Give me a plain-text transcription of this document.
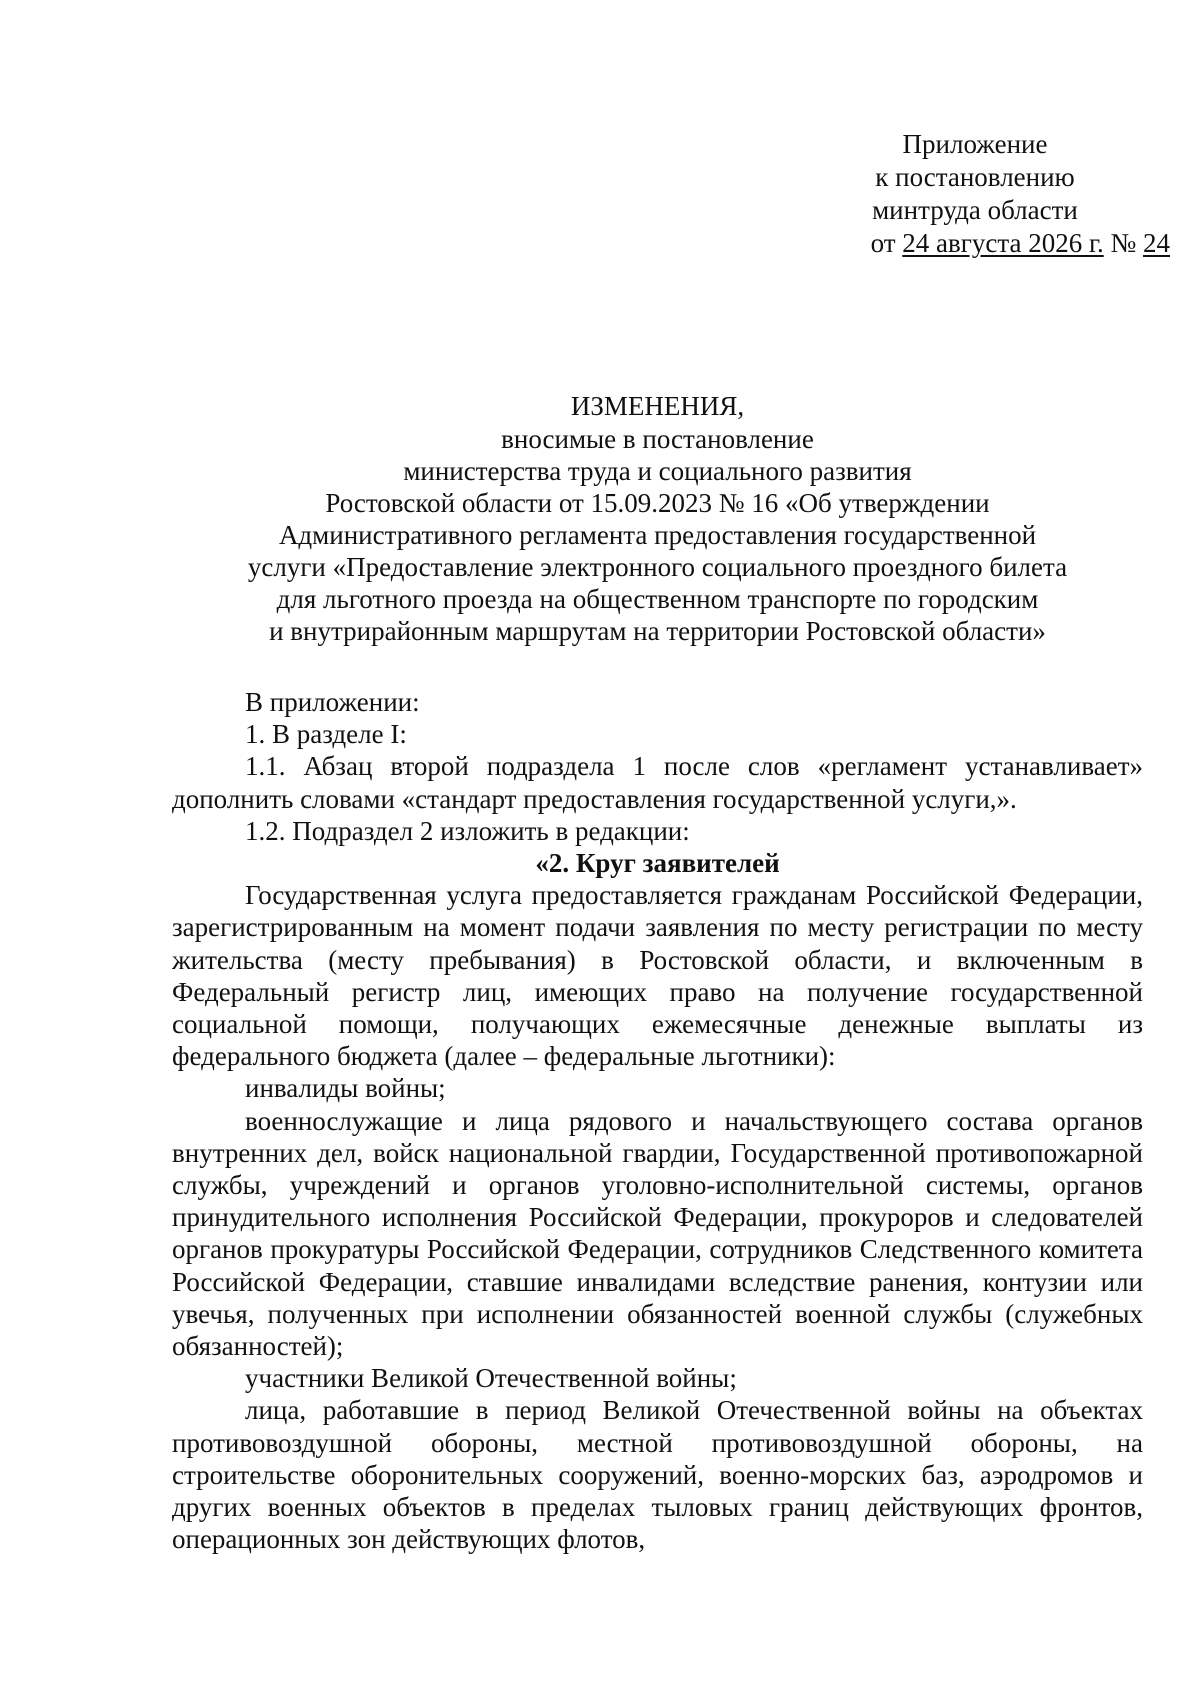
Приложение
к постановлению
минтруда области
от 24 августа 2026 г. № 24
ИЗМЕНЕНИЯ,
вносимые в постановление
министерства труда и социального развития
Ростовской области от 15.09.2023 № 16 «Об утверждении
Административного регламента предоставления государственной
услуги «Предоставление электронного социального проездного билета
для льготного проезда на общественном транспорте по городским
и внутрирайонным маршрутам на территории Ростовской области»

В приложении:

1. В разделе I:

1.1. Абзац второй подраздела 1 после слов «регламент устанавливает» дополнить словами «стандарт предоставления государственной услуги,».

1.2. Подраздел 2 изложить в редакции:

«2. Круг заявителей

Государственная услуга предоставляется гражданам Российской Федерации, зарегистрированным на момент подачи заявления по месту регистрации по месту жительства (месту пребывания) в Ростовской области, и включенным в Федеральный регистр лиц, имеющих право на получение государственной социальной помощи, получающих ежемесячные денежные выплаты из федерального бюджета (далее – федеральные льготники):

инвалиды войны;

военнослужащие и лица рядового и начальствующего состава органов внутренних дел, войск национальной гвардии, Государственной противопожарной службы, учреждений и органов уголовно-исполнительной системы, органов принудительного исполнения Российской Федерации, прокуроров и следователей органов прокуратуры Российской Федерации, сотрудников Следственного комитета Российской Федерации, ставшие инвалидами вследствие ранения, контузии или увечья, полученных при исполнении обязанностей военной службы (служебных обязанностей);

участники Великой Отечественной войны;

лица, работавшие в период Великой Отечественной войны на объектах противовоздушной обороны, местной противовоздушной обороны, на строительстве оборонительных сооружений, военно-морских баз, аэродромов и других военных объектов в пределах тыловых границ действующих фронтов, операционных зон действующих флотов,
